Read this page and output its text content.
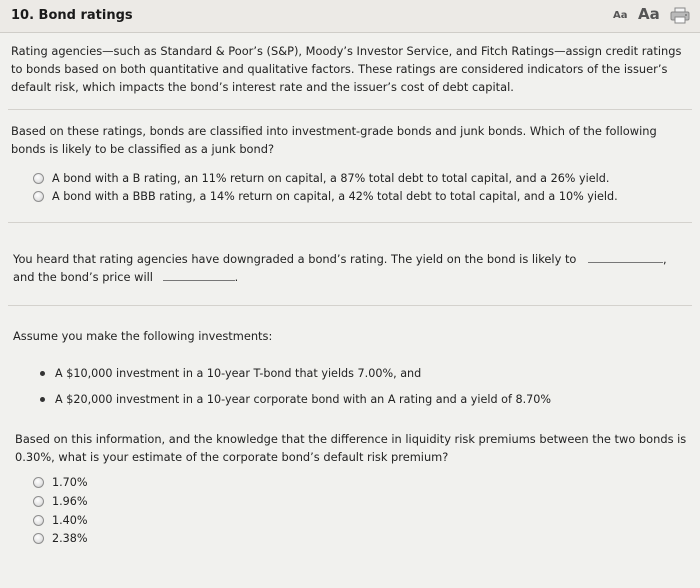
10. Bond ratings	Aa Aa

Rating agencies—such as Standard & Poor’s (S&P), Moody’s Investor Service, and Fitch Ratings—assign credit ratings to bonds based on both quantitative and qualitative factors. These ratings are considered indicators of the issuer’s default risk, which impacts the bond’s interest rate and the issuer’s cost of debt capital.

Based on these ratings, bonds are classified into investment-grade bonds and junk bonds. Which of the following bonds is likely to be classified as a junk bond?

A bond with a B rating, an 11% return on capital, a 87% total debt to total capital, and a 26% yield.
A bond with a BBB rating, a 14% return on capital, a 42% total debt to total capital, and a 10% yield.
You heard that rating agencies have downgraded a bond’s rating. The yield on the bond is likely to	,
and the bond’s price will	.
Assume you make the following investments:
A $10,000 investment in a 10-year T-bond that yields 7.00%, and
A $20,000 investment in a 10-year corporate bond with an A rating and a yield of 8.70%

Based on this information, and the knowledge that the difference in liquidity risk premiums between the two bonds is 0.30%, what is your estimate of the corporate bond’s default risk premium?

1.70%
1.96%
1.40%
2.38%
